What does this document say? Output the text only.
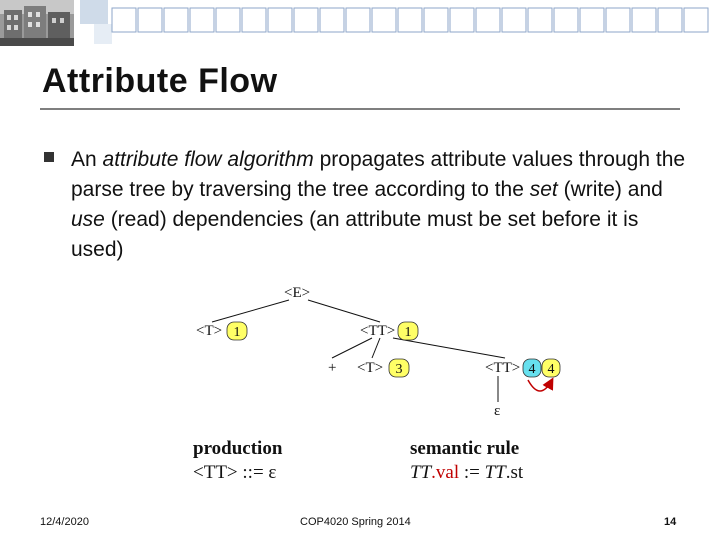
Attribute Flow
An attribute flow algorithm propagates attribute values through the parse tree by traversing the tree according to the set (write) and use (read) dependencies (an attribute must be set before it is used)
<E>
<T>	<TT>
+ <T>	<TT>
ε
1	1
3	4 4
production
<TT> ::= ε
semantic rule
TT.val := TT.st
12/4/2020	COP4020 Spring 2014	14
